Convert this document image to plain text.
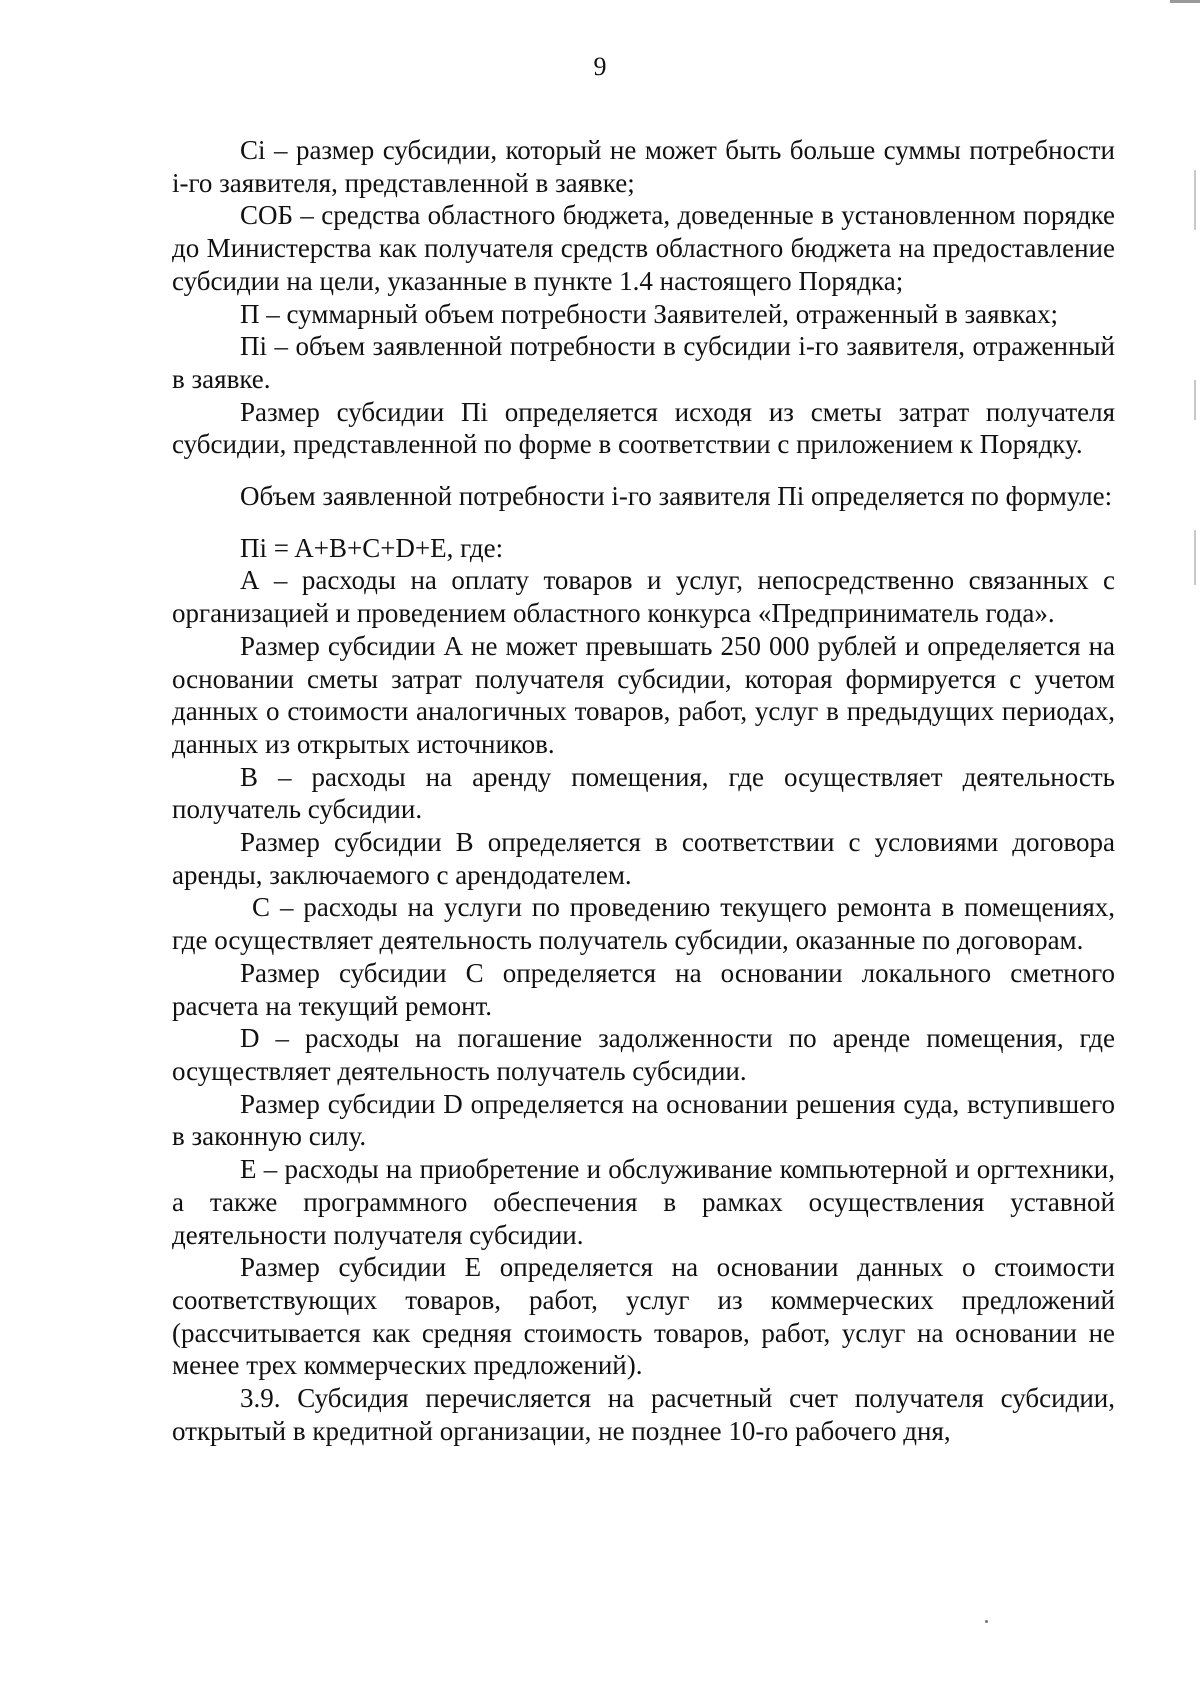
9

Ci – размер субсидии, который не может быть больше суммы потребности i-го заявителя, представленной в заявке;

СОБ – средства областного бюджета, доведенные в установленном порядке до Министерства как получателя средств областного бюджета на предоставление субсидии на цели, указанные в пункте 1.4 настоящего Порядка;

П – суммарный объем потребности Заявителей, отраженный в заявках;

Пi – объем заявленной потребности в субсидии i-го заявителя, отраженный в заявке.

Размер субсидии Пi определяется исходя из сметы затрат получателя субсидии, представленной по форме в соответствии с приложением к Порядку.

Объем заявленной потребности i-го заявителя Пi определяется по формуле:

Пi = A+B+C+D+E, где:

А – расходы на оплату товаров и услуг, непосредственно связанных с организацией и проведением областного конкурса «Предприниматель года».

Размер субсидии А не может превышать 250 000 рублей и определяется на основании сметы затрат получателя субсидии, которая формируется с учетом данных о стоимости аналогичных товаров, работ, услуг в предыдущих периодах, данных из открытых источников.

В – расходы на аренду помещения, где осуществляет деятельность получатель субсидии.

Размер субсидии В определяется в соответствии с условиями договора аренды, заключаемого с арендодателем.

С – расходы на услуги по проведению текущего ремонта в помещениях, где осуществляет деятельность получатель субсидии, оказанные по договорам.

Размер субсидии С определяется на основании локального сметного расчета на текущий ремонт.

D – расходы на погашение задолженности по аренде помещения, где осуществляет деятельность получатель субсидии.

Размер субсидии D определяется на основании решения суда, вступившего в законную силу.

Е – расходы на приобретение и обслуживание компьютерной и оргтехники, а также программного обеспечения в рамках осуществления уставной деятельности получателя субсидии.

Размер субсидии Е определяется на основании данных о стоимости соответствующих товаров, работ, услуг из коммерческих предложений (рассчитывается как средняя стоимость товаров, работ, услуг на основании не менее трех коммерческих предложений).

3.9. Субсидия перечисляется на расчетный счет получателя субсидии, открытый в кредитной организации, не позднее 10-го рабочего дня,
